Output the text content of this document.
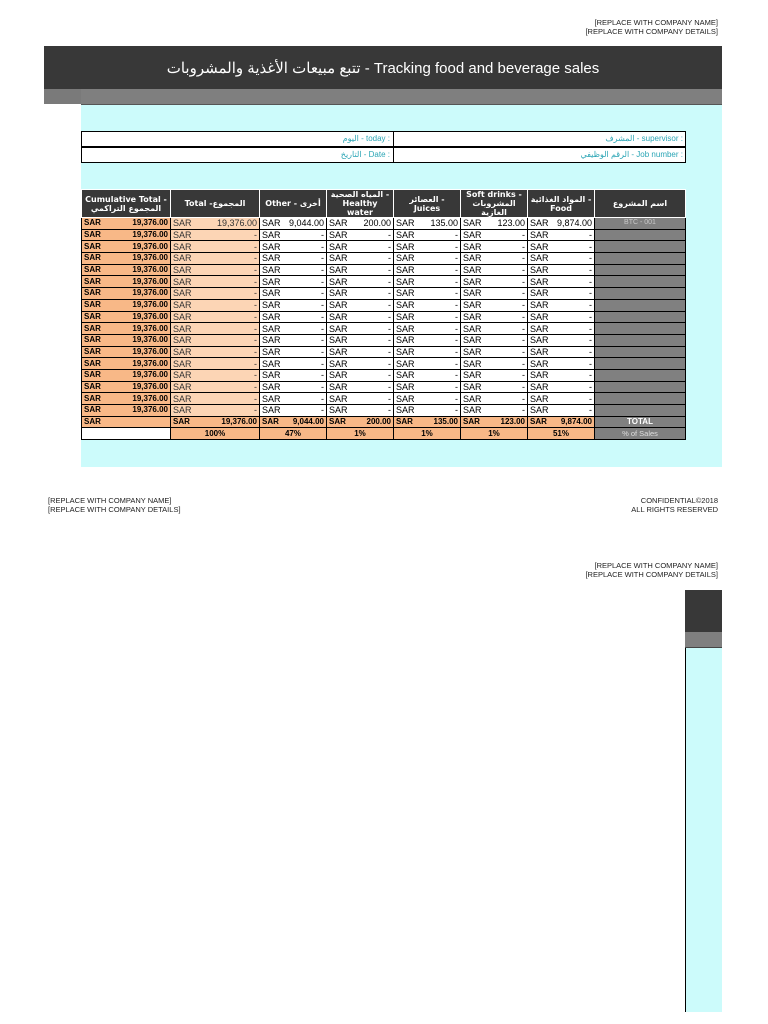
[REPLACE WITH COMPANY NAME]
[REPLACE WITH COMPANY DETAILS]
تتبع مبيعات الأغذية والمشروبات - Tracking food and beverage sales
اليوم - today :	المشرف - supervisor :
التاريخ - Date :	الرقم الوظيفي - Job number :
Cumulative Total - المجموع التراكمي	Total -المجموع	Other - أخرى	المياه الصحية - Healthy water	العصائر - Juices	Soft drinks - المشروبات الغازية	المواد الغذائية - Food	اسم المشروع

SAR 19,376.00	SAR 19,376.00	SAR 9,044.00	SAR 200.00	SAR 135.00	SAR 123.00	SAR 9,874.00	BTC - 001

SAR 19,376.00	SAR -	SAR -	SAR -	SAR -	SAR -	SAR -	

SAR 19,376.00	SAR -	SAR -	SAR -	SAR -	SAR -	SAR -	

SAR 19,376.00	SAR -	SAR -	SAR -	SAR -	SAR -	SAR -	

SAR 19,376.00	SAR -	SAR -	SAR -	SAR -	SAR -	SAR -	

SAR 19,376.00	SAR -	SAR -	SAR -	SAR -	SAR -	SAR -	

SAR 19,376.00	SAR -	SAR -	SAR -	SAR -	SAR -	SAR -	

SAR 19,376.00	SAR -	SAR -	SAR -	SAR -	SAR -	SAR -	

SAR 19,376.00	SAR -	SAR -	SAR -	SAR -	SAR -	SAR -	

SAR 19,376.00	SAR -	SAR -	SAR -	SAR -	SAR -	SAR -	

SAR 19,376.00	SAR -	SAR -	SAR -	SAR -	SAR -	SAR -	

SAR 19,376.00	SAR -	SAR -	SAR -	SAR -	SAR -	SAR -	

SAR 19,376.00	SAR -	SAR -	SAR -	SAR -	SAR -	SAR -	

SAR 19,376.00	SAR -	SAR -	SAR -	SAR -	SAR -	SAR -	

SAR 19,376.00	SAR -	SAR -	SAR -	SAR -	SAR -	SAR -	

SAR 19,376.00	SAR -	SAR -	SAR -	SAR -	SAR -	SAR -	

SAR 19,376.00	SAR -	SAR -	SAR -	SAR -	SAR -	SAR -	

SAR	SAR 19,376.00	SAR 9,044.00	SAR 200.00	SAR 135.00	SAR 123.00	SAR 9,874.00	TOTAL
	100%	47%	1%	1%	1%	51%	% of Sales
[REPLACE WITH COMPANY NAME]
[REPLACE WITH COMPANY DETAILS]
CONFIDENTIAL©2018
ALL RIGHTS RESERVED
[REPLACE WITH COMPANY NAME]
[REPLACE WITH COMPANY DETAILS]
